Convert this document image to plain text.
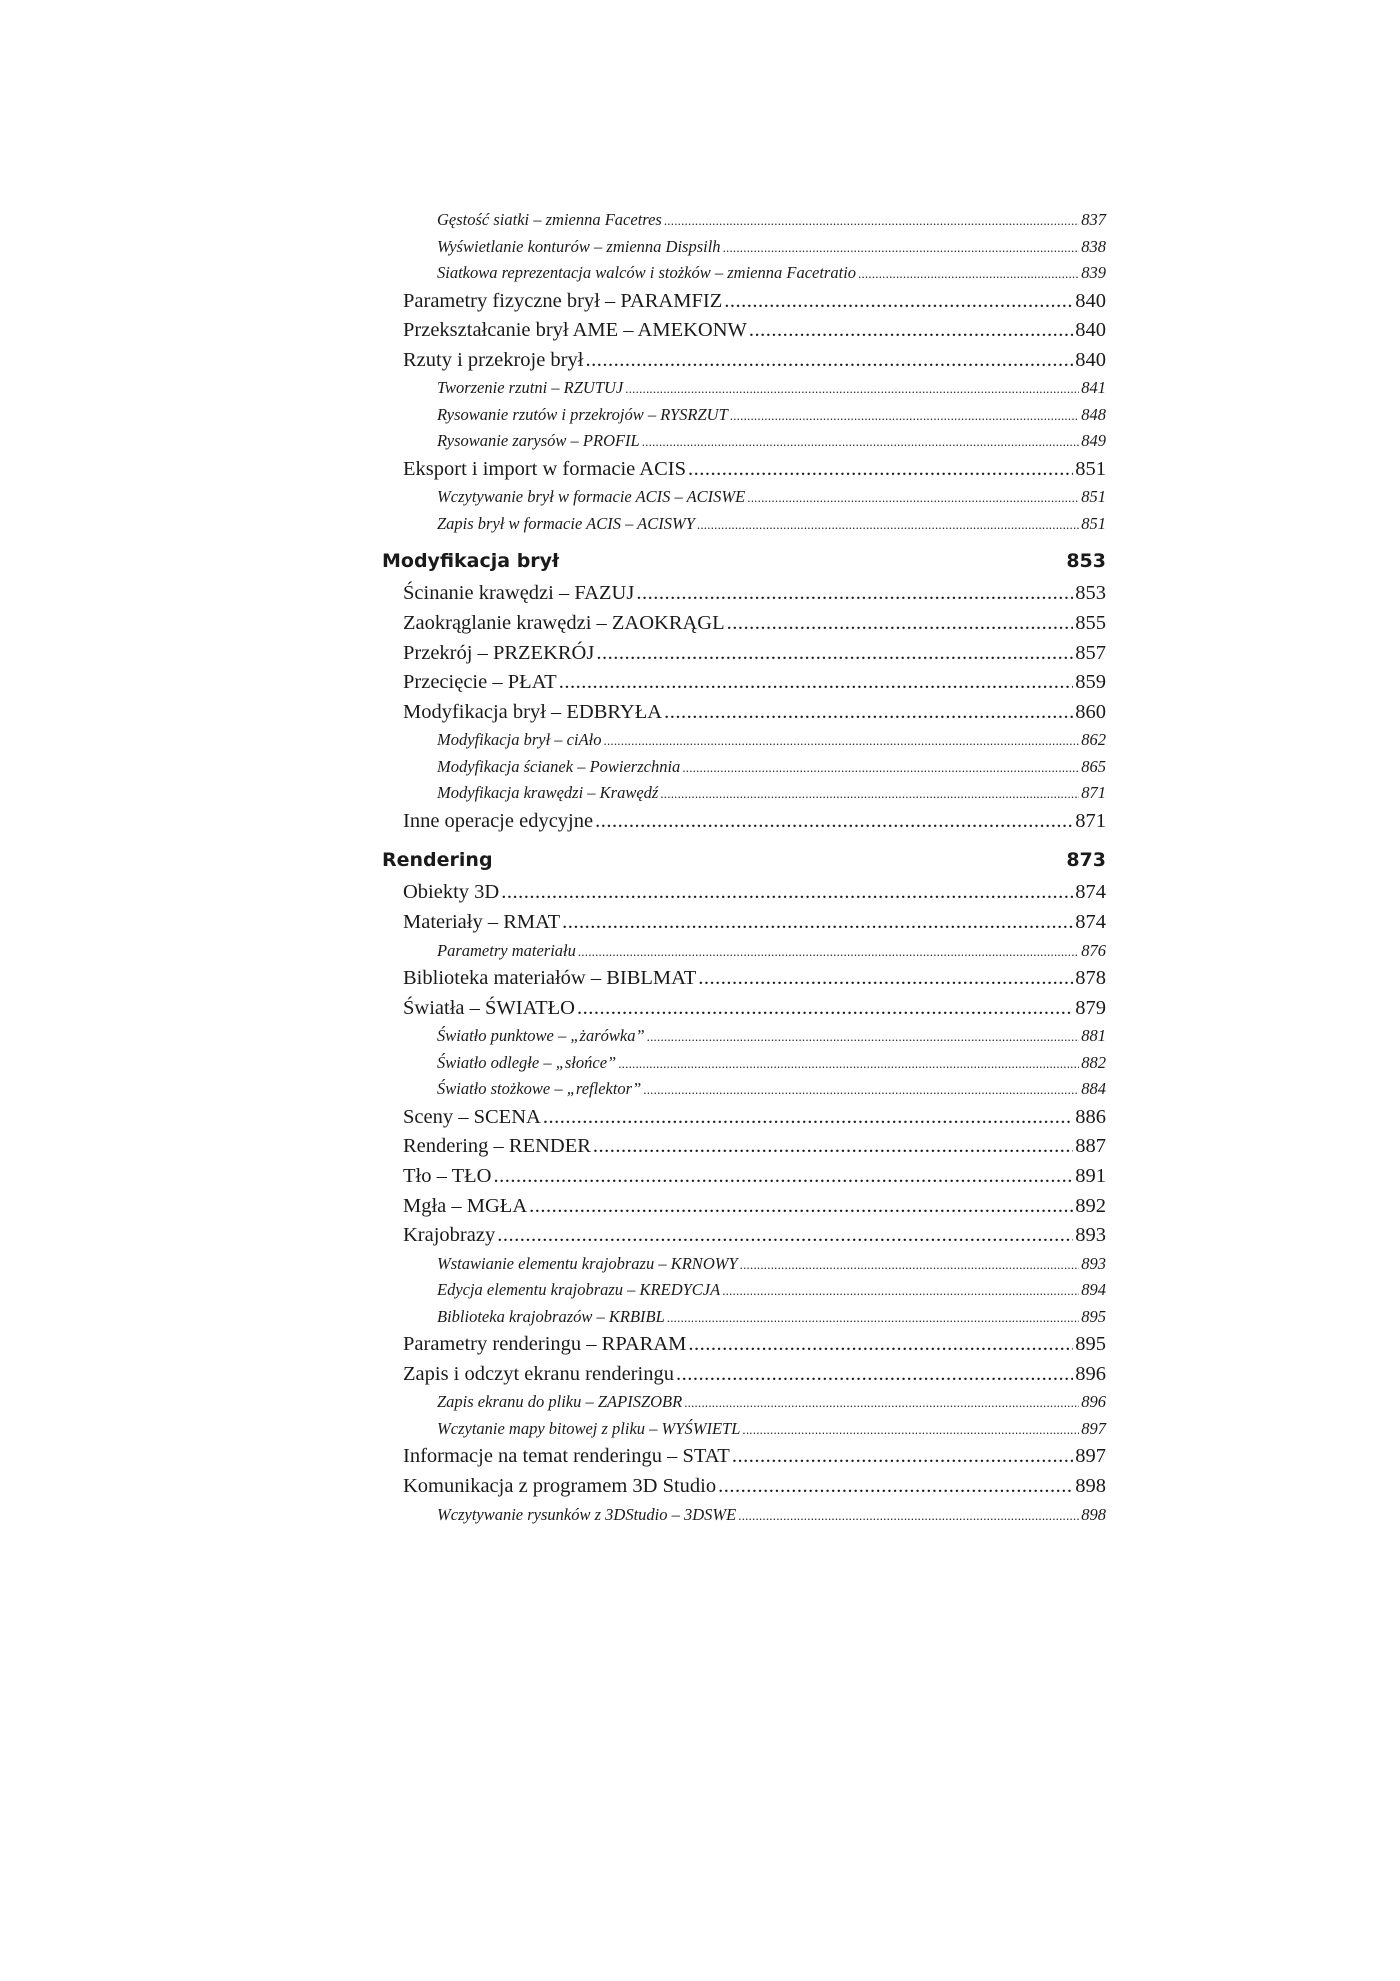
Gęstość siatki – zmienna Facetres .....	837
Wyświetlanie konturów – zmienna Dispsilh .....	838
Siatkowa reprezentacja walców i stożków – zmienna Facetratio .....	839
Parametry fizyczne brył – PARAMFIZ .....	840
Przekształcanie brył AME – AMEKONW .....	840
Rzuty i przekroje brył .....	840
Tworzenie rzutni – RZUTUJ .....	841
Rysowanie rzutów i przekrojów – RYSRZUT .....	848
Rysowanie zarysów – PROFIL .....	849
Eksport i import w formacie ACIS .....	851
Wczytywanie brył w formacie ACIS – ACISWE .....	851
Zapis brył w formacie ACIS – ACISWY .....	851
Modyfikacja brył	853
Ścinanie krawędzi – FAZUJ .....	853
Zaokrąglanie krawędzi – ZAOKRĄGL .....	855
Przekrój – PRZEKRÓJ .....	857
Przecięcie – PŁAT .....	859
Modyfikacja brył – EDBRYŁA .....	860
Modyfikacja brył – ciAło .....	862
Modyfikacja ścianek – Powierzchnia .....	865
Modyfikacja krawędzi – Krawędź .....	871
Inne operacje edycyjne .....	871
Rendering	873
Obiekty 3D .....	874
Materiały – RMAT .....	874
Parametry materiału .....	876
Biblioteka materiałów – BIBLMAT .....	878
Światła – ŚWIATŁO .....	879
Światło punktowe – „żarówka” .....	881
Światło odległe – „słońce” .....	882
Światło stożkowe – „reflektor” .....	884
Sceny – SCENA .....	886
Rendering – RENDER .....	887
Tło – TŁO .....	891
Mgła – MGŁA .....	892
Krajobrazy .....	893
Wstawianie elementu krajobrazu – KRNOWY .....	893
Edycja elementu krajobrazu – KREDYCJA .....	894
Biblioteka krajobrazów – KRBIBL .....	895
Parametry renderingu – RPARAM .....	895
Zapis i odczyt ekranu renderingu .....	896
Zapis ekranu do pliku – ZAPISZOBR .....	896
Wczytanie mapy bitowej z pliku – WYŚWIETL .....	897
Informacje na temat renderingu – STAT .....	897
Komunikacja z programem 3D Studio .....	898
Wczytywanie rysunków z 3DStudio – 3DSWE .....	898
